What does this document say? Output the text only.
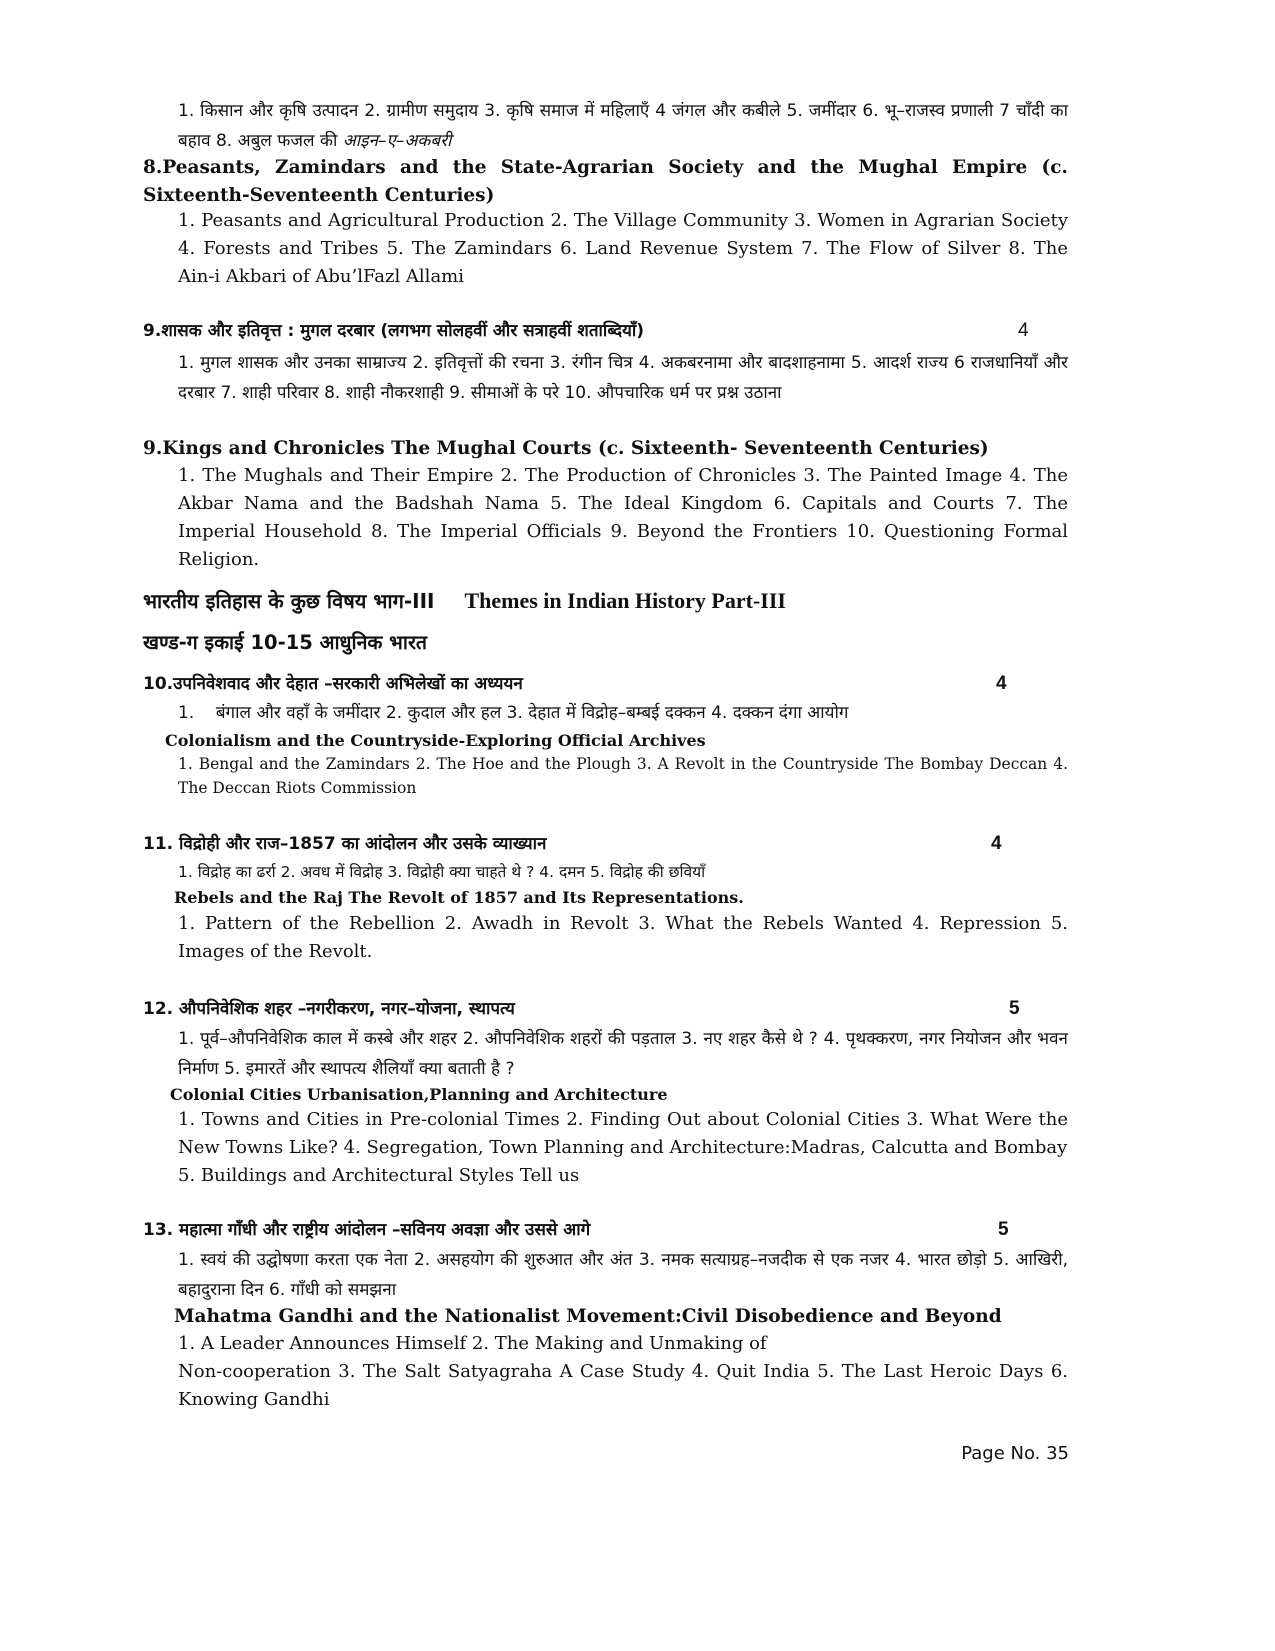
1. किसान और कृषि उत्पादन 2. ग्रामीण समुदाय 3. कृषि समाज में महिलाएँ 4 जंगल और कबीले 5. जमींदार 6. भू–राजस्व प्रणाली 7 चाँदी का बहाव 8. अबुल फजल की आइन–ए–अकबरी
8.Peasants, Zamindars and the State-Agrarian Society and the Mughal Empire (c. Sixteenth-Seventeenth Centuries)
1. Peasants and Agricultural Production 2. The Village Community 3. Women in Agrarian Society 4. Forests and Tribes 5. The Zamindars 6. Land Revenue System 7. The Flow of Silver 8. The Ain-i Akbari of Abu’lFazl Allami
9.शासक और इतिवृत्त : मुगल दरबार (लगभग सोलहवीं और सत्राहवीं शताब्दियाँ)	4
1. मुगल शासक और उनका साम्राज्य 2. इतिवृत्तों की रचना 3. रंगीन चित्र 4. अकबरनामा और बादशाहनामा 5. आदर्श राज्य 6 राजधानियाँ और दरबार 7. शाही परिवार 8. शाही नौकरशाही 9. सीमाओं के परे 10. औपचारिक धर्म पर प्रश्न उठाना
9.Kings and Chronicles The Mughal Courts (c. Sixteenth- Seventeenth Centuries)
1. The Mughals and Their Empire 2. The Production of Chronicles 3. The Painted Image 4. The Akbar Nama and the Badshah Nama 5. The Ideal Kingdom 6. Capitals and Courts 7. The Imperial Household 8. The Imperial Officials 9. Beyond the Frontiers 10. Questioning Formal Religion.
भारतीय इतिहास के कुछ विषय भाग-III Themes in Indian History Part-III
खण्ड-ग इकाई 10-15 आधुनिक भारत
10.उपनिवेशवाद और देहात –सरकारी अभिलेखों का अध्ययन	4
1.    बंगाल और वहाँ के जमींदार 2. कुदाल और हल 3. देहात में विद्रोह–बम्बई दक्कन 4. दक्कन दंगा आयोग
Colonialism and the Countryside-Exploring Official Archives
1. Bengal and the Zamindars 2. The Hoe and the Plough 3. A Revolt in the Countryside The Bombay Deccan 4. The Deccan Riots Commission
11. विद्रोही और राज–1857 का आंदोलन और उसके व्याख्यान	4
1. विद्रोह का ढर्रा 2. अवध में विद्रोह 3. विद्रोही क्या चाहते थे ? 4. दमन 5. विद्रोह की छवियाँ
Rebels and the Raj The Revolt of 1857 and Its Representations.
1. Pattern of the Rebellion 2. Awadh in Revolt 3. What the Rebels Wanted 4. Repression 5. Images of the Revolt.
12. औपनिवेशिक शहर –नगरीकरण, नगर–योजना, स्थापत्य	5
1. पूर्व–औपनिवेशिक काल में कस्बे और शहर 2. औपनिवेशिक शहरों की पड़ताल 3. नए शहर कैसे थे ? 4. पृथक्करण, नगर नियोजन और भवन निर्माण 5. इमारतें और स्थापत्य शैलियाँ क्या बताती है ?
Colonial Cities Urbanisation,Planning and Architecture
1. Towns and Cities in Pre-colonial Times 2. Finding Out about Colonial Cities 3. What Were the New Towns Like? 4. Segregation, Town Planning and Architecture:Madras, Calcutta and Bombay
5. Buildings and Architectural Styles Tell us
13. महात्मा गाँधी और राष्ट्रीय आंदोलन –सविनय अवज्ञा और उससे आगे	5
1. स्वयं की उद्घोषणा करता एक नेता 2. असहयोग की शुरुआत और अंत 3. नमक सत्याग्रह–नजदीक से एक नजर 4. भारत छोड़ो 5. आखिरी, बहादुराना दिन 6. गाँधी को समझना
Mahatma Gandhi and the Nationalist Movement:Civil Disobedience and Beyond
1. A Leader Announces Himself 2. The Making and Unmaking of
Non-cooperation 3. The Salt Satyagraha A Case Study 4. Quit India 5. The Last Heroic Days 6. Knowing Gandhi
Page No. 35
